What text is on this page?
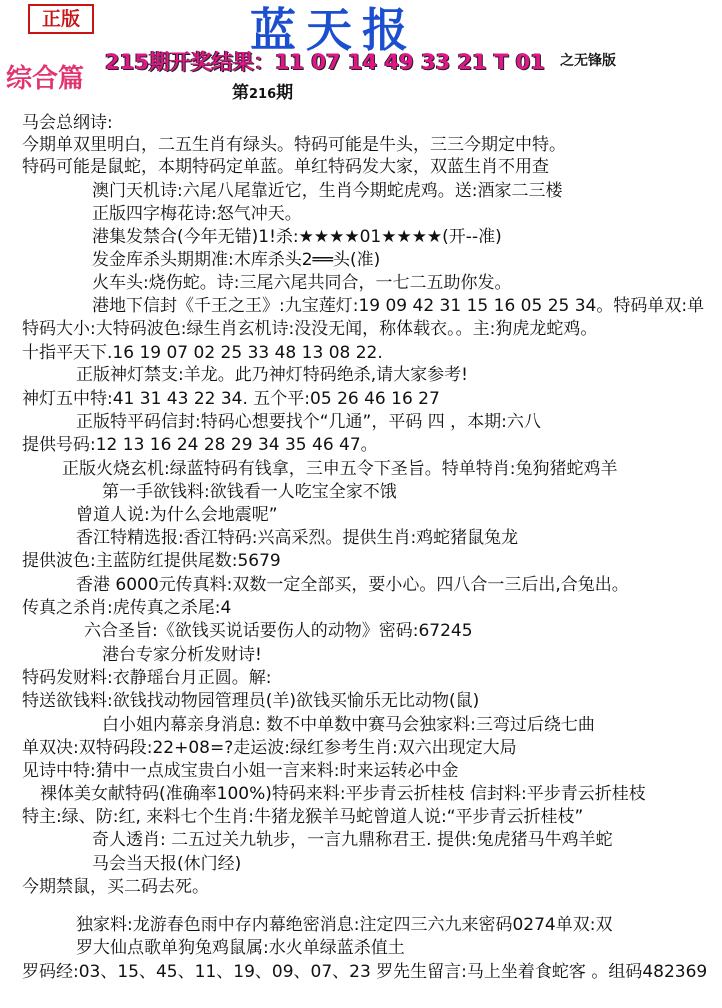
正版	蓝天报
之无锋版
综合篇
215期开奖结果：11 07 14 49 33 21 T 01
第216期
马会总纲诗:
今期单双里明白，二五生肖有绿头。特码可能是牛头，三三今期定中特。
特码可能是鼠蛇，本期特码定单蓝。单红特码发大家，双蓝生肖不用查
澳门天机诗:六尾八尾靠近它，生肖今期蛇虎鸡。送:酒家二三楼
正版四字梅花诗:怒气冲天。
港集发禁合(今年无错)1!杀:★★★★01★★★★(开--准)
发金库杀头期期准:木库杀头2══头(准)
火车头:烧伤蛇。诗:三尾六尾共同合，一七二五助你发。
港地下信封《千王之王》:九宝莲灯:19 09 42 31 15 16 05 25 34。特码单双:单
特码大小:大特码波色:绿生肖玄机诗:没没无闻，称体载衣。。主:狗虎龙蛇鸡。
十指平天下.16 19 07 02 25 33 48 13 08 22.
正版神灯禁支:羊龙。此乃神灯特码绝杀,请大家参考!
神灯五中特:41 31 43 22 34. 五个平:05 26 46 16 27
正版特平码信封:特码心想要找个“几通”，平码 四 ，本期:六八
提供号码:12 13 16 24 28 29 34 35 46 47。
正版火烧玄机:绿蓝特码有钱拿，三申五令下圣旨。特单特肖:兔狗猪蛇鸡羊
第一手欲钱料:欲钱看一人吃宝全家不饿
曾道人说:为什么会地震呢”
香江特精选报:香江特码:兴高采烈。提供生肖:鸡蛇猪鼠兔龙
提供波色:主蓝防红提供尾数:5679
香港 6000元传真料:双数一定全部买，要小心。四八合一三后出,合兔出。
传真之杀肖:虎传真之杀尾:4
六合圣旨:《欲钱买说话要伤人的动物》密码:67245
港台专家分析发财诗!
特码发财料:衣静瑶台月正圆。解:
特送欲钱料:欲钱找动物园管理员(羊)欲钱买愉乐无比动物(鼠)
白小姐内幕亲身消息: 数不中单数中赛马会独家料:三弯过后绕七曲
单双决:双特码段:22+08=?走运波:绿红参考生肖:双六出现定大局
见诗中特:猜中一点成宝贵白小姐一言来料:时来运转必中金
裸体美女献特码(准确率100%)特码来料:平步青云折桂枝 信封料:平步青云折桂枝
特主:绿、防:红, 来料七个生肖:牛猪龙猴羊马蛇曾道人说:“平步青云折桂枝”
奇人透肖: 二五过关九轨步，一言九鼎称君王. 提供:兔虎猪马牛鸡羊蛇
马会当天报(休门经)
今期禁鼠，买二码去死。
独家料:龙游春色雨中存内幕绝密消息:注定四三六九来密码0274单双:双
罗大仙点歌单狗兔鸡鼠属:水火单绿蓝杀值土
罗码经:03、15、45、11、19、09、07、23 罗先生留言:马上坐着食蛇客 。组码482369
